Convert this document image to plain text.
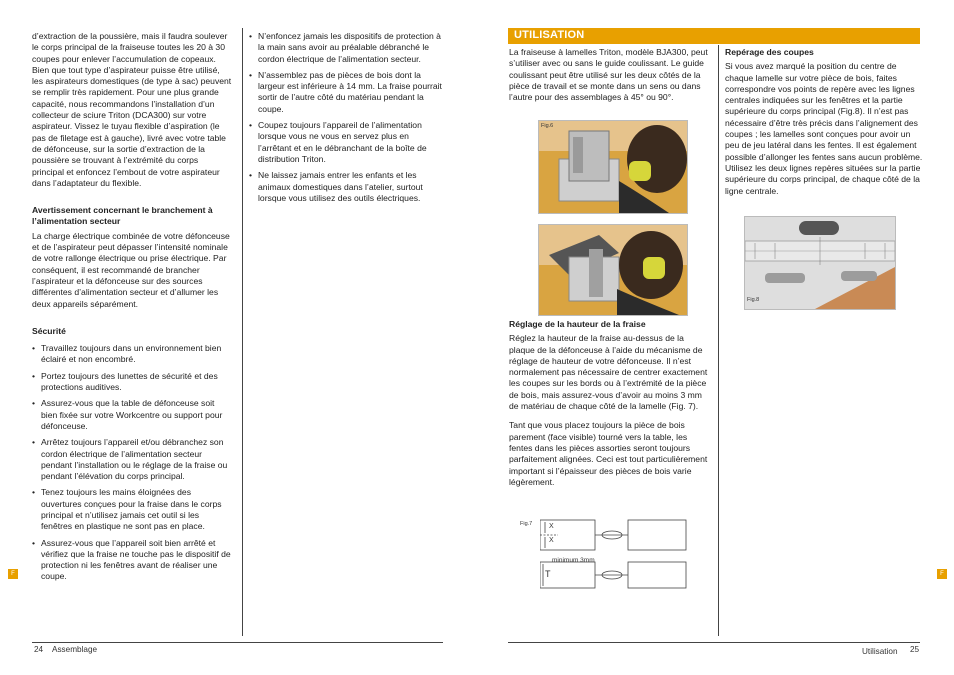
d’extraction de la poussière, mais il faudra soulever le corps principal de la fraiseuse toutes les 20 à 30 coupes pour enlever l’accumulation de copeaux. Bien que tout type d’aspirateur puisse être utilisé, les aspirateurs domestiques (de type à sac) peuvent se remplir très rapidement. Pour une plus grande capacité, nous recommandons l’installation d’un collecteur de sciure Triton (DCA300) sur votre aspirateur. Vissez le tuyau flexible d’aspiration (le pas de filetage est à gauche), livré avec votre table de défonceuse, sur la sortie d’extraction de la poussière se trouvant à l’extrémité du corps principal et enfoncez l’embout de votre aspirateur dans l’adaptateur du flexible.

Avertissement concernant le branchement à l’alimentation secteur

La charge électrique combinée de votre défonceuse et de l’aspirateur peut dépasser l’intensité nominale de votre rallonge électrique ou prise électrique. Par conséquent, il est recommandé de brancher l’aspirateur et la défonceuse sur des sources différentes d’alimentation secteur et d’allumer les deux appareils séparément.

Sécurité
• Travaillez toujours dans un environnement bien éclairé et non encombré.
• Portez toujours des lunettes de sécurité et des protections auditives.
• Assurez-vous que la table de défonceuse soit bien fixée sur votre Workcentre ou support pour défonceuse.
• Arrêtez toujours l’appareil et/ou débranchez son cordon électrique de l’alimentation secteur pendant l’installation ou le réglage de la fraise ou pendant l’élévation du corps principal.
• Tenez toujours les mains éloignées des ouvertures conçues pour la fraise dans le corps principal et n’utilisez jamais cet outil si les fenêtres en plastique ne sont pas en place.
• Assurez-vous que l’appareil soit bien arrêté et vérifiez que la fraise ne touche pas le dispositif de protection ni les fenêtres avant de réaliser une coupe.
• N’enfoncez jamais les dispositifs de protection à la main sans avoir au préalable débranché le cordon électrique de l’alimentation secteur.
• N’assemblez pas de pièces de bois dont la largeur est inférieure à 14 mm. La fraise pourrait sortir de l’autre côté du matériau pendant la coupe.
• Coupez toujours l’appareil de l’alimentation lorsque vous ne vous en servez plus en l’arrêtant et en le débranchant de la boîte de distribution Triton.
• Ne laissez jamais entrer les enfants et les animaux domestiques dans l’atelier, surtout lorsque vous utilisez des outils électriques.
F
24 Assemblage
UTILISATION

La fraiseuse à lamelles Triton, modèle BJA300, peut s’utiliser avec ou sans le guide coulissant. Le guide coulissant peut être utilisé sur les deux côtés de la pièce de travail et se monte dans un sens ou dans l’autre pour des assemblages à 45° ou 90°.

Fig.6
Réglage de la hauteur de la fraise

Réglez la hauteur de la fraise au-dessus de la plaque de la défonceuse à l’aide du mécanisme de réglage de hauteur de votre défonceuse. Il n’est normalement pas nécessaire de centrer exactement les coupes sur les bords ou à l’extrémité de la pièce de bois, mais assurez-vous d’avoir au moins 3 mm de matériau de chaque côté de la lamelle (Fig. 7).

Tant que vous placez toujours la pièce de bois parement (face visible) tourné vers la table, les fentes dans les pièces assorties seront toujours parfaitement alignées. Ceci est tout particulièrement important si l’épaisseur des pièces de bois varie légèrement.

Fig.7 X
X
minimum 3mm
T
Repérage des coupes

Si vous avez marqué la position du centre de chaque lamelle sur votre pièce de bois, faites correspondre vos points de repère avec les lignes centrales indiquées sur les fenêtres et la partie supérieure du corps principal (Fig.8). Il n’est pas nécessaire d’être très précis dans l’alignement des coupes ; les lamelles sont conçues pour avoir un peu de jeu latéral dans les fentes. Il est également possible d’allonger les fentes sans aucun problème. Utilisez les deux lignes repères situées sur la partie supérieure du corps principal, de chaque côté de la ligne centrale.

Fig.8
F
Utilisation 25
